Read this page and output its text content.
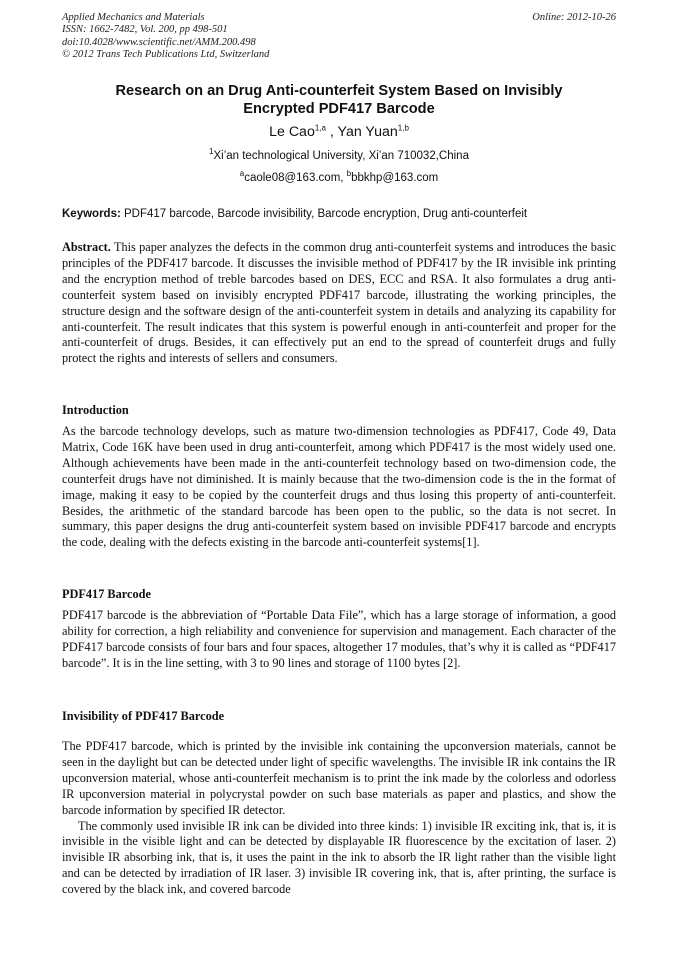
Applied Mechanics and Materials
ISSN: 1662-7482, Vol. 200, pp 498-501
doi:10.4028/www.scientific.net/AMM.200.498
© 2012 Trans Tech Publications Ltd, Switzerland
Online: 2012-10-26
Research on an Drug Anti-counterfeit System Based on Invisibly
Encrypted PDF417 Barcode
Le Cao$^{1,a}$ , Yan Yuan$^{1,b}$
$^1$Xi’an technological University, Xi’an 710032,China
$^a$caole08@163.com, $^b$bbkhp@163.com
Keywords: PDF417 barcode, Barcode invisibility, Barcode encryption, Drug anti-counterfeit

Abstract. This paper analyzes the defects in the common drug anti-counterfeit systems and introduces the basic principles of the PDF417 barcode. It discusses the invisible method of PDF417 by the IR invisible ink printing and the encryption method of treble barcodes based on DES, ECC and RSA. It also formulates a drug anti-counterfeit system based on invisibly encrypted PDF417 barcode, illustrating the working principles, the structure design and the software design of the anti-counterfeit system in details and analyzing its capability for anti-counterfeit. The result indicates that this system is powerful enough in anti-counterfeit and proper for the anti-counterfeit of drugs. Besides, it can effectively put an end to the spread of counterfeit drugs and fully protect the rights and interests of sellers and consumers.

Introduction

As the barcode technology develops, such as mature two-dimension technologies as PDF417, Code 49, Data Matrix, Code 16K have been used in drug anti-counterfeit, among which PDF417 is the most widely used one. Although achievements have been made in the anti-counterfeit technology based on two-dimension code, the counterfeit drugs have not diminished. It is mainly because that the two-dimension code is the in the format of image, making it easy to be copied by the counterfeit drugs and thus losing this property of anti-counterfeit. Besides, the arithmetic of the standard barcode has been open to the public, so the data is not secret. In summary, this paper designs the drug anti-counterfeit system based on invisible PDF417 barcode and encrypts the code, dealing with the defects existing in the barcode anti-counterfeit systems[1].

PDF417 Barcode

PDF417 barcode is the abbreviation of “Portable Data File”, which has a large storage of information, a good ability for correction, a high reliability and convenience for supervision and management. Each character of the PDF417 barcode consists of four bars and four spaces, altogether 17 modules, that’s why it is called as “PDF417 barcode”. It is in the line setting, with 3 to 90 lines and storage of 1100 bytes [2].

Invisibility of PDF417 Barcode

The PDF417 barcode, which is printed by the invisible ink containing the upconversion materials, cannot be seen in the daylight but can be detected under light of specific wavelengths. The invisible IR ink contains the IR upconversion material, whose anti-counterfeit mechanism is to print the ink made by the colorless and odorless IR upconversion material in polycrystal powder on such base materials as paper and plastics, and show the barcode information by specified IR detector.

The commonly used invisible IR ink can be divided into three kinds: 1) invisible IR exciting ink, that is, it is invisible in the visible light and can be detected by displayable IR fluorescence by the excitation of laser. 2) invisible IR absorbing ink, that is, it uses the paint in the ink to absorb the IR light rather than the visible light and can be detected by irradiation of IR laser. 3) invisible IR covering ink, that is, after printing, the surface is covered by the black ink, and covered barcode
